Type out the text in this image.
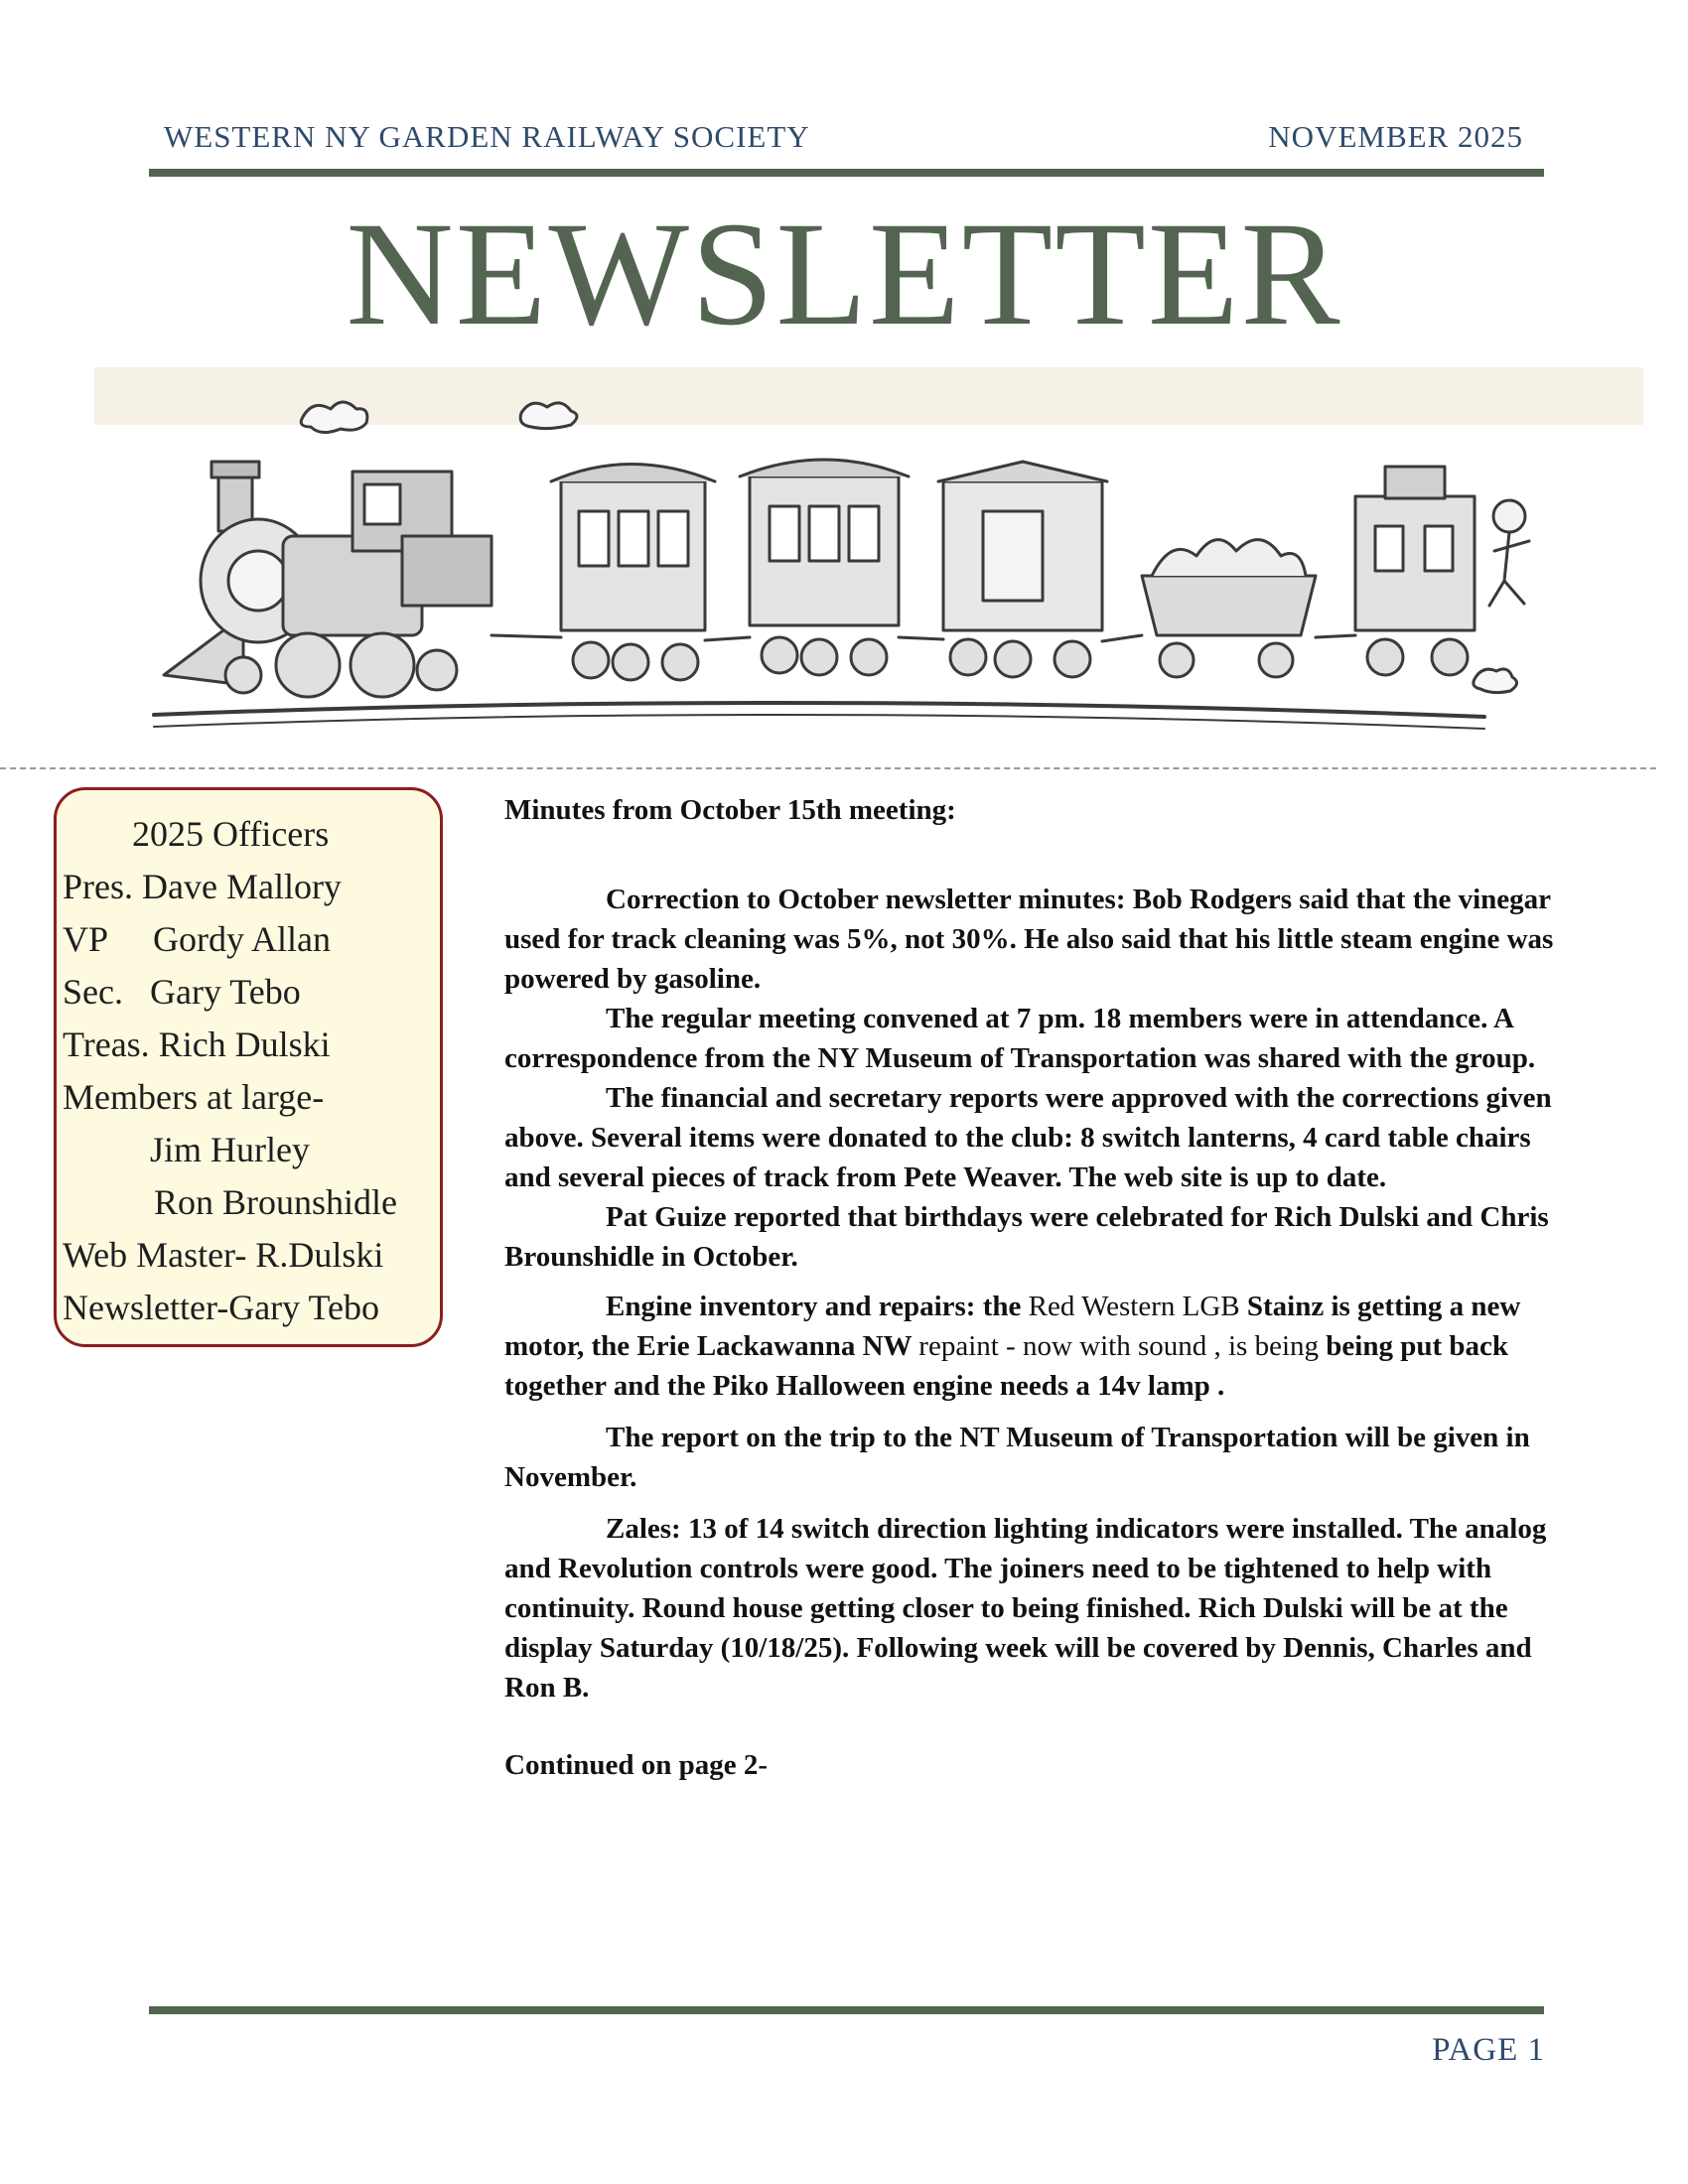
WESTERN NY GARDEN RAILWAY SOCIETY	NOVEMBER 2025
NEWSLETTER
2025 Officers
Pres. Dave Mallory
VP Gordy Allan
Sec. Gary Tebo
Treas. Rich Dulski
Members at large-
Jim Hurley
Ron Brounshidle
Web Master- R.Dulski
Newsletter-Gary Tebo

Minutes from October 15th meeting:

Correction to October newsletter minutes: Bob Rodgers said that the vinegar used for track cleaning was 5%, not 30%. He also said that his little steam engine was powered by gasoline.

The regular meeting convened at 7 pm. 18 members were in attendance. A correspondence from the NY Museum of Transportation was shared with the group.

The financial and secretary reports were approved with the corrections given above. Several items were donated to the club: 8 switch lanterns, 4 card table chairs and several pieces of track from Pete Weaver. The web site is up to date.

Pat Guize reported that birthdays were celebrated for Rich Dulski and Chris Brounshidle in October.

Engine inventory and repairs: the Red Western LGB Stainz is getting a new motor, the Erie Lackawanna NW repaint - now with sound , is being being put back together and the Piko Halloween engine needs a 14v lamp .

The report on the trip to the NT Museum of Transportation will be given in November.

Zales: 13 of 14 switch direction lighting indicators were installed. The analog and Revolution controls were good. The joiners need to be tightened to help with continuity. Round house getting closer to being finished. Rich Dulski will be at the display Saturday (10/18/25). Following week will be covered by Dennis, Charles and Ron B.

Continued on page 2-

PAGE 1
